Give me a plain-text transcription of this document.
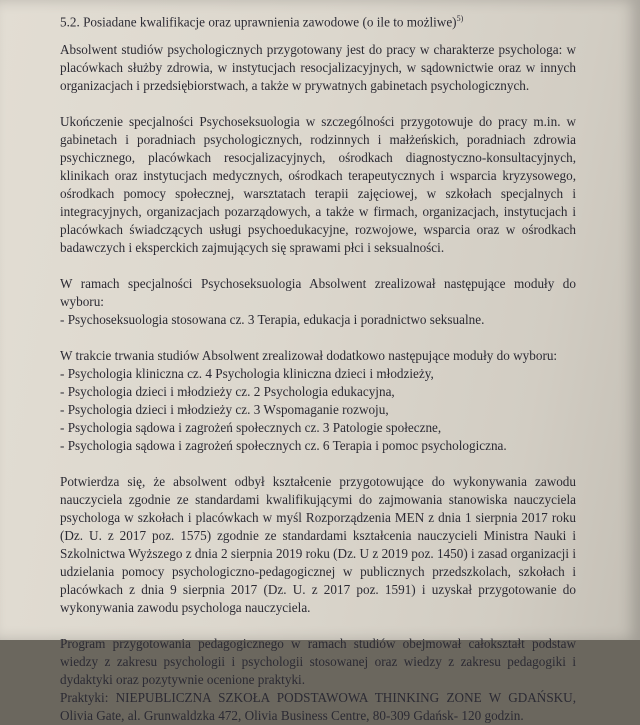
5.2. Posiadane kwalifikacje oraz uprawnienia zawodowe (o ile to możliwe)$^{5)}$

Absolwent studiów psychologicznych przygotowany jest do pracy w charakterze psychologa: w placówkach służby zdrowia, w instytucjach resocjalizacyjnych, w sądownictwie oraz w innych organizacjach i przedsiębiorstwach, a także w prywatnych gabinetach psychologicznych.

Ukończenie specjalności Psychoseksuologia w szczególności przygotowuje do pracy m.in. w gabinetach i poradniach psychologicznych, rodzinnych i małżeńskich, poradniach zdrowia psychicznego, placówkach resocjalizacyjnych, ośrodkach diagnostyczno-konsultacyjnych, klinikach oraz instytucjach medycznych, ośrodkach terapeutycznych i wsparcia kryzysowego, ośrodkach pomocy społecznej, warsztatach terapii zajęciowej, w szkołach specjalnych i integracyjnych, organizacjach pozarządowych, a także w firmach, organizacjach, instytucjach i placówkach świadczących usługi psychoedukacyjne, rozwojowe, wsparcia oraz w ośrodkach badawczych i eksperckich zajmujących się sprawami płci i seksualności.

W ramach specjalności Psychoseksuologia Absolwent zrealizował następujące moduły do wyboru:

- Psychoseksuologia stosowana cz. 3 Terapia, edukacja i poradnictwo seksualne.

W trakcie trwania studiów Absolwent zrealizował dodatkowo następujące moduły do wyboru:

- Psychologia kliniczna cz. 4 Psychologia kliniczna dzieci i młodzieży,
- Psychologia dzieci i młodzieży cz. 2 Psychologia edukacyjna,
- Psychologia dzieci i młodzieży cz. 3 Wspomaganie rozwoju,
- Psychologia sądowa i zagrożeń społecznych cz. 3 Patologie społeczne,
- Psychologia sądowa i zagrożeń społecznych cz. 6 Terapia i pomoc psychologiczna.

Potwierdza się, że absolwent odbył kształcenie przygotowujące do wykonywania zawodu nauczyciela zgodnie ze standardami kwalifikującymi do zajmowania stanowiska nauczyciela psychologa w szkołach i placówkach w myśl Rozporządzenia MEN z dnia 1 sierpnia 2017 roku (Dz. U. z 2017 poz. 1575) zgodnie ze standardami kształcenia nauczycieli Ministra Nauki i Szkolnictwa Wyższego z dnia 2 sierpnia 2019 roku (Dz. U z 2019 poz. 1450) i zasad organizacji i udzielania pomocy psychologiczno-pedagogicznej w publicznych przedszkolach, szkołach i placówkach z dnia 9 sierpnia 2017 (Dz. U. z 2017 poz. 1591) i uzyskał przygotowanie do wykonywania zawodu psychologa nauczyciela.

Program przygotowania pedagogicznego w ramach studiów obejmował całokształt podstaw wiedzy z zakresu psychologii i psychologii stosowanej oraz wiedzy z zakresu pedagogiki i dydaktyki oraz pozytywnie ocenione praktyki.

Praktyki: NIEPUBLICZNA SZKOŁA PODSTAWOWA THINKING ZONE W GDAŃSKU, Olivia Gate, al. Grunwaldzka 472, Olivia Business Centre, 80-309 Gdańsk- 120 godzin.
